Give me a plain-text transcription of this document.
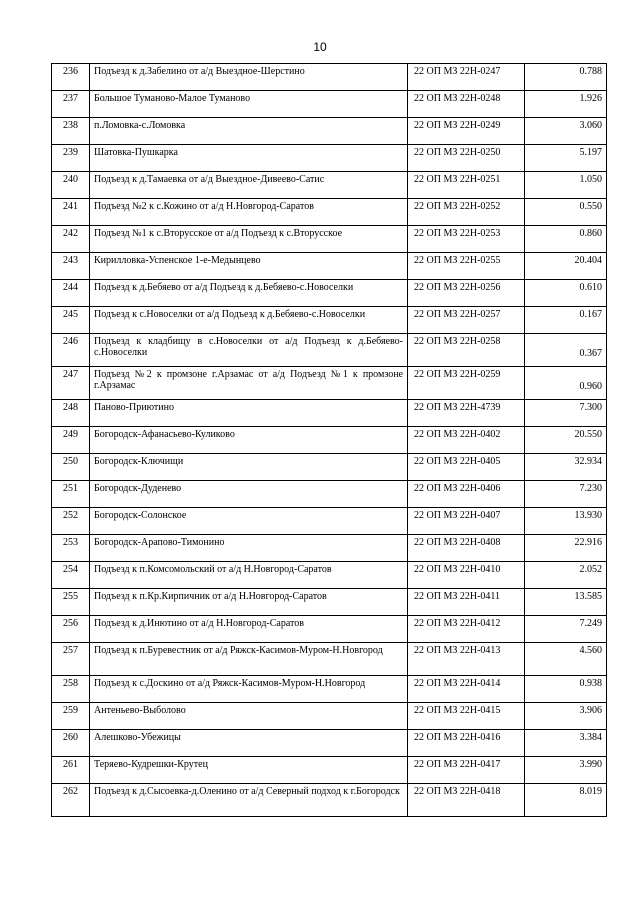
10
236	Подъезд к д.Забелино от а/д Выездное-Шерстино	22 ОП МЗ 22Н-0247	0.788
237	Большое Туманово-Малое Туманово	22 ОП МЗ 22Н-0248	1.926
238	п.Ломовка-с.Ломовка	22 ОП МЗ 22Н-0249	3.060
239	Шатовка-Пушкарка	22 ОП МЗ 22Н-0250	5.197
240	Подъезд к д.Тамаевка от а/д Выездное-Дивеево-Сатис	22 ОП МЗ 22Н-0251	1.050
241	Подъезд №2 к с.Кожино от а/д Н.Новгород-Саратов	22 ОП МЗ 22Н-0252	0.550
242	Подъезд №1 к с.Вторусское от а/д Подъезд к с.Вторусское	22 ОП МЗ 22Н-0253	0.860
243	Кирилловка-Успенское 1-е-Медынцево	22 ОП МЗ 22Н-0255	20.404
244	Подъезд к д.Бебяево от а/д Подъезд к д.Бебяево-с.Новоселки	22 ОП МЗ 22Н-0256	0.610
245	Подъезд к с.Новоселки от а/д Подъезд к д.Бебяево-с.Новоселки	22 ОП МЗ 22Н-0257	0.167
246	Подъезд к кладбищу в с.Новоселки от а/д Подъезд к д.Бебяево-с.Новоселки	22 ОП МЗ 22Н-0258	0.367
247	Подъезд №2 к промзоне г.Арзамас от а/д Подъезд №1 к промзоне г.Арзамас	22 ОП МЗ 22Н-0259	0.960
248	Паново-Приютино	22 ОП МЗ 22Н-4739	7.300
249	Богородск-Афанасьево-Куликово	22 ОП МЗ 22Н-0402	20.550
250	Богородск-Ключищи	22 ОП МЗ 22Н-0405	32.934
251	Богородск-Дуденево	22 ОП МЗ 22Н-0406	7.230
252	Богородск-Солонское	22 ОП МЗ 22Н-0407	13.930
253	Богородск-Арапово-Тимонино	22 ОП МЗ 22Н-0408	22.916
254	Подъезд к п.Комсомольский от а/д Н.Новгород-Саратов	22 ОП МЗ 22Н-0410	2.052
255	Подъезд к п.Кр.Кирпичник от а/д Н.Новгород-Саратов	22 ОП МЗ 22Н-0411	13.585
256	Подъезд к д.Инютино от а/д Н.Новгород-Саратов	22 ОП МЗ 22Н-0412	7.249
257	Подъезд к п.Буревестник от а/д Ряжск-Касимов-Муром-Н.Новгород	22 ОП МЗ 22Н-0413	4.560
258	Подъезд к с.Доскино от а/д Ряжск-Касимов-Муром-Н.Новгород	22 ОП МЗ 22Н-0414	0.938
259	Антеньево-Выболово	22 ОП МЗ 22Н-0415	3.906
260	Алешково-Убежицы	22 ОП МЗ 22Н-0416	3.384
261	Теряево-Кудрешки-Крутец	22 ОП МЗ 22Н-0417	3.990
262	Подъезд к д.Сысоевка-д.Оленино от а/д Северный подход к г.Богородск	22 ОП МЗ 22Н-0418	8.019
